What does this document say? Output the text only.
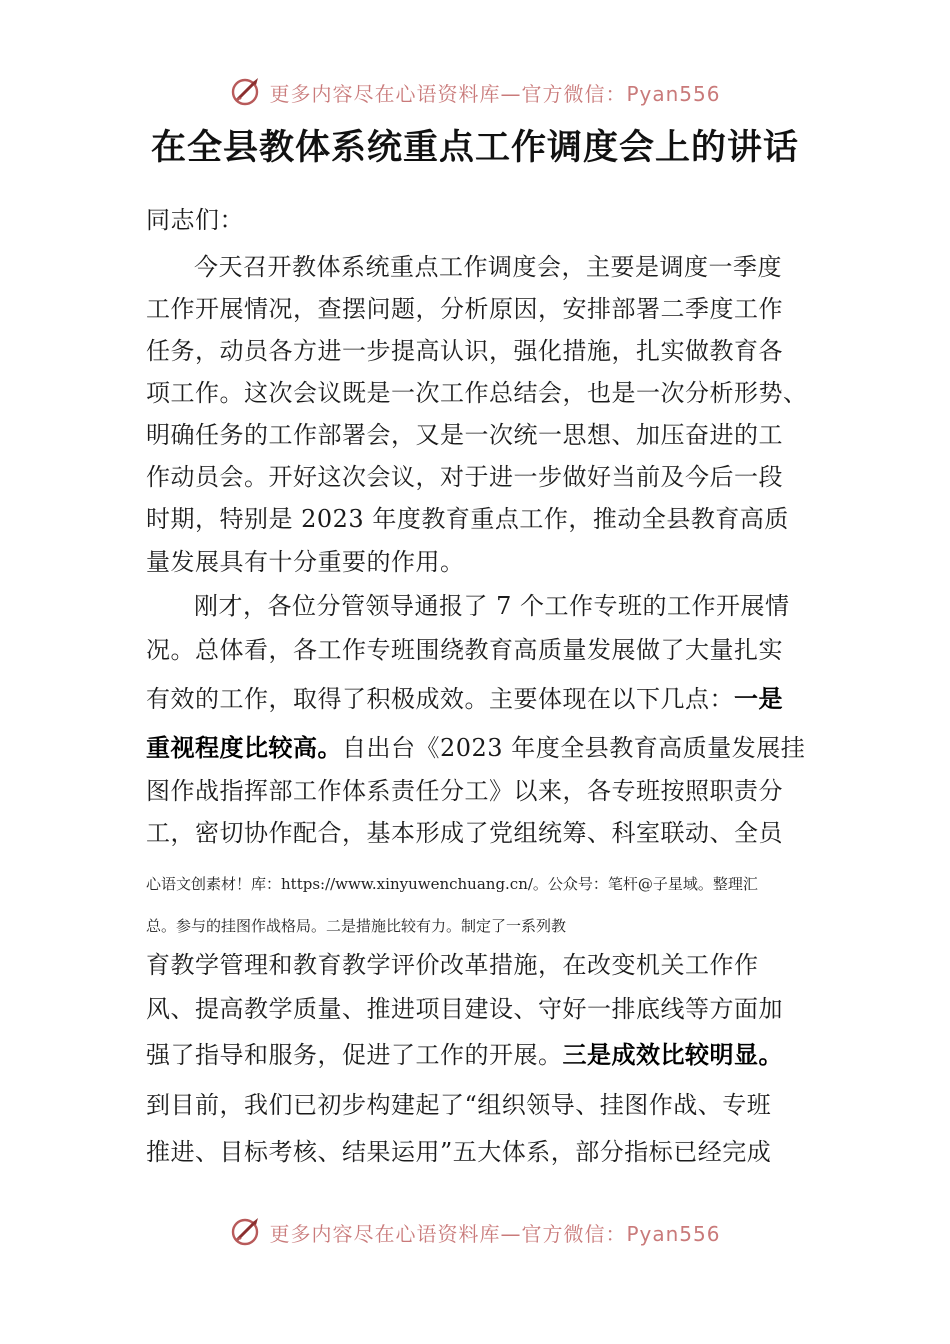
更多内容尽在心语资料库—官方微信：Pyan556
在全县教体系统重点工作调度会上的讲话
同志们：
今天召开教体系统重点工作调度会，主要是调度一季度
工作开展情况，查摆问题，分析原因，安排部署二季度工作
任务，动员各方进一步提高认识，强化措施，扎实做教育各
项工作。这次会议既是一次工作总结会，也是一次分析形势、
明确任务的工作部署会，又是一次统一思想、加压奋进的工
作动员会。开好这次会议，对于进一步做好当前及今后一段
时期，特别是 2023 年度教育重点工作，推动全县教育高质
量发展具有十分重要的作用。
刚才，各位分管领导通报了 7 个工作专班的工作开展情
况。总体看，各工作专班围绕教育高质量发展做了大量扎实
有效的工作，取得了积极成效。主要体现在以下几点：一是
重视程度比较高。自出台《2023 年度全县教育高质量发展挂
图作战指挥部工作体系责任分工》以来，各专班按照职责分
工，密切协作配合，基本形成了党组统筹、科室联动、全员
心语文创素材！库：https://www.xinyuwenchuang.cn/。公众号：笔杆@子星域。整理汇
总。参与的挂图作战格局。二是措施比较有力。制定了一系列教
育教学管理和教育教学评价改革措施，在改变机关工作作
风、提高教学质量、推进项目建设、守好一排底线等方面加
强了指导和服务，促进了工作的开展。三是成效比较明显。
到目前，我们已初步构建起了“组织领导、挂图作战、专班
推进、目标考核、结果运用”五大体系，部分指标已经完成
更多内容尽在心语资料库—官方微信：Pyan556
